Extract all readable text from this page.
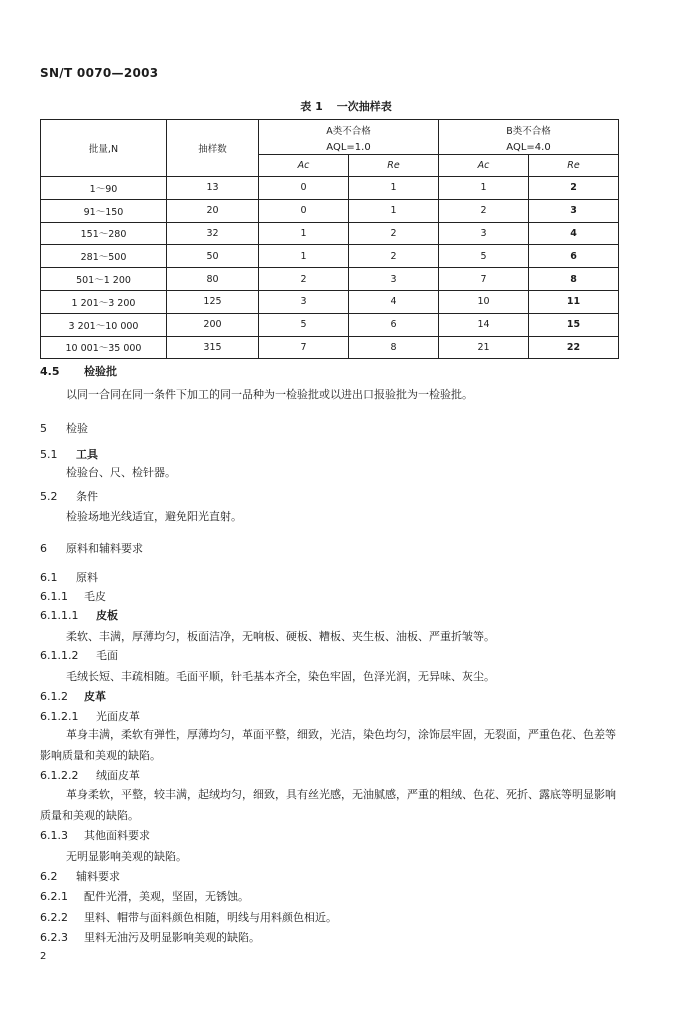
SN/T 0070—2003
表 1 一次抽样表
批量,N	抽样数	A类不合格		B类不合格	
		AQL=1.0		AQL=4.0	
		Ac	Re	Ac	Re
1～90	13	0	1	1	2
91～150	20	0	1	2	3
151～280	32	1	2	3	4
281～500	50	1	2	5	6
501～1 200	80	2	3	7	8
1 201～3 200	125	3	4	10	11
3 201～10 000	200	5	6	14	15
10 001～35 000	315	7	8	21	22
4.5 检验批
以同一合同在同一条件下加工的同一品种为一检验批或以进出口报验批为一检验批。
5 检验
5.1 工具
检验台、尺、检针器。
5.2 条件
检验场地光线适宜，避免阳光直射。
6 原料和辅料要求
6.1 原料
6.1.1 毛皮
6.1.1.1 皮板
柔软、丰满，厚薄均匀，板面洁净，无响板、硬板、糟板、夹生板、油板、严重折皱等。
6.1.1.2 毛面
毛绒长短、丰疏相随。毛面平顺，针毛基本齐全，染色牢固，色泽光润，无异味、灰尘。
6.1.2 皮革
6.1.2.1 光面皮革
革身丰满，柔软有弹性，厚薄均匀，革面平整，细致，光洁，染色均匀，涂饰层牢固，无裂面，严重色花、色差等影响质量和美观的缺陷。
6.1.2.2 绒面皮革
革身柔软，平整，较丰满，起绒均匀，细致，具有丝光感，无油腻感，严重的粗绒、色花、死折、露底等明显影响质量和美观的缺陷。
6.1.3 其他面料要求
无明显影响美观的缺陷。
6.2 辅料要求
6.2.1 配件光滑，美观，坚固，无锈蚀。
6.2.2 里料、帽带与面料颜色相随，明线与用料颜色相近。
6.2.3 里料无油污及明显影响美观的缺陷。
2
